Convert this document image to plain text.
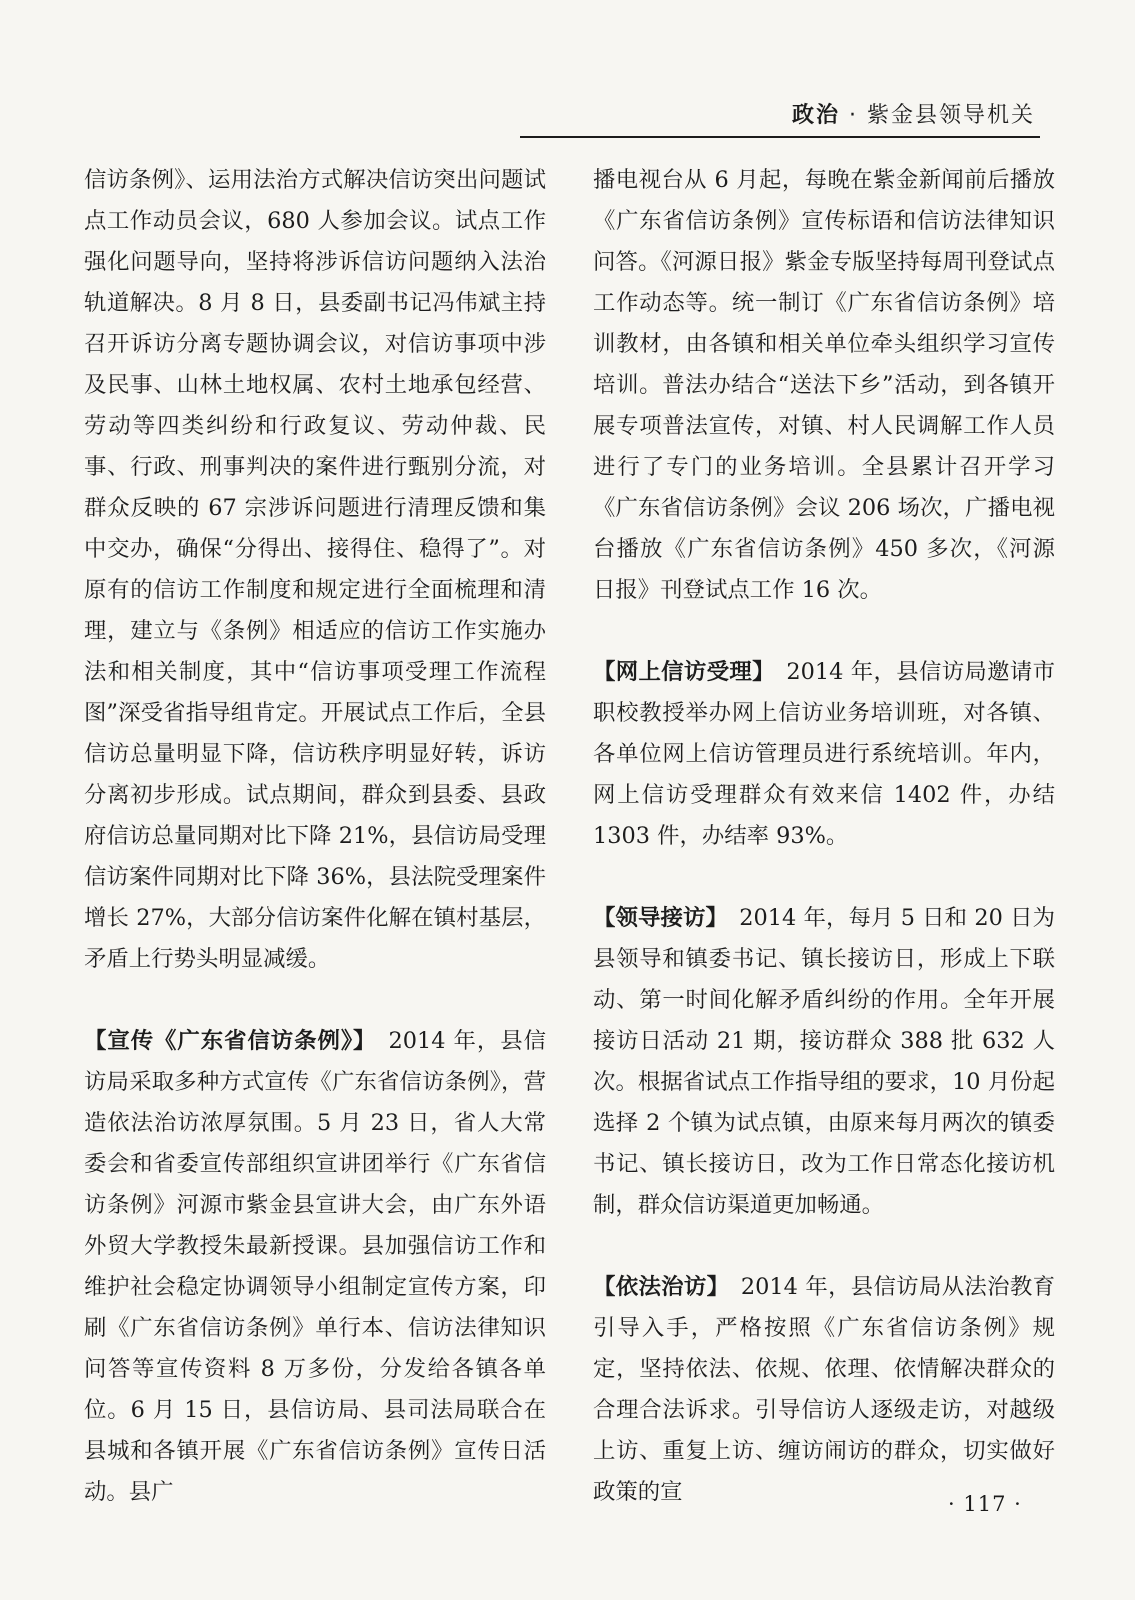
政治 · 紫金县领导机关

信访条例》、运用法治方式解决信访突出问题试点工作动员会议，680 人参加会议。试点工作强化问题导向，坚持将涉诉信访问题纳入法治轨道解决。8 月 8 日，县委副书记冯伟斌主持召开诉访分离专题协调会议，对信访事项中涉及民事、山林土地权属、农村土地承包经营、劳动等四类纠纷和行政复议、劳动仲裁、民事、行政、刑事判决的案件进行甄别分流，对群众反映的 67 宗涉诉问题进行清理反馈和集中交办，确保“分得出、接得住、稳得了”。对原有的信访工作制度和规定进行全面梳理和清理，建立与《条例》相适应的信访工作实施办法和相关制度，其中“信访事项受理工作流程图”深受省指导组肯定。开展试点工作后，全县信访总量明显下降，信访秩序明显好转，诉访分离初步形成。试点期间，群众到县委、县政府信访总量同期对比下降 21%，县信访局受理信访案件同期对比下降 36%，县法院受理案件增长 27%，大部分信访案件化解在镇村基层，矛盾上行势头明显减缓。

【宣传《广东省信访条例》】　 2014 年，县信访局采取多种方式宣传《广东省信访条例》，营造依法治访浓厚氛围。5 月 23 日，省人大常委会和省委宣传部组织宣讲团举行《广东省信访条例》河源市紫金县宣讲大会，由广东外语外贸大学教授朱最新授课。县加强信访工作和维护社会稳定协调领导小组制定宣传方案，印刷《广东省信访条例》单行本、信访法律知识问答等宣传资料 8 万多份，分发给各镇各单位。6 月 15 日，县信访局、县司法局联合在县城和各镇开展《广东省信访条例》宣传日活动。县广

播电视台从 6 月起，每晚在紫金新闻前后播放《广东省信访条例》宣传标语和信访法律知识问答。《河源日报》紫金专版坚持每周刊登试点工作动态等。统一制订《广东省信访条例》培训教材，由各镇和相关单位牵头组织学习宣传培训。普法办结合“送法下乡”活动，到各镇开展专项普法宣传，对镇、村人民调解工作人员进行了专门的业务培训。全县累计召开学习《广东省信访条例》会议 206 场次，广播电视台播放《广东省信访条例》450 多次，《河源日报》刊登试点工作 16 次。

【网上信访受理】　 2014 年，县信访局邀请市职校教授举办网上信访业务培训班，对各镇、各单位网上信访管理员进行系统培训。年内，网上信访受理群众有效来信 1402 件，办结 1303 件，办结率 93%。

【领导接访】　 2014 年，每月 5 日和 20 日为县领导和镇委书记、镇长接访日，形成上下联动、第一时间化解矛盾纠纷的作用。全年开展接访日活动 21 期，接访群众 388 批 632 人次。根据省试点工作指导组的要求，10 月份起选择 2 个镇为试点镇，由原来每月两次的镇委书记、镇长接访日，改为工作日常态化接访机制，群众信访渠道更加畅通。

【依法治访】　 2014 年，县信访局从法治教育引导入手，严格按照《广东省信访条例》规定，坚持依法、依规、依理、依情解决群众的合理合法诉求。引导信访人逐级走访，对越级上访、重复上访、缠访闹访的群众，切实做好政策的宣	· 117 ·
